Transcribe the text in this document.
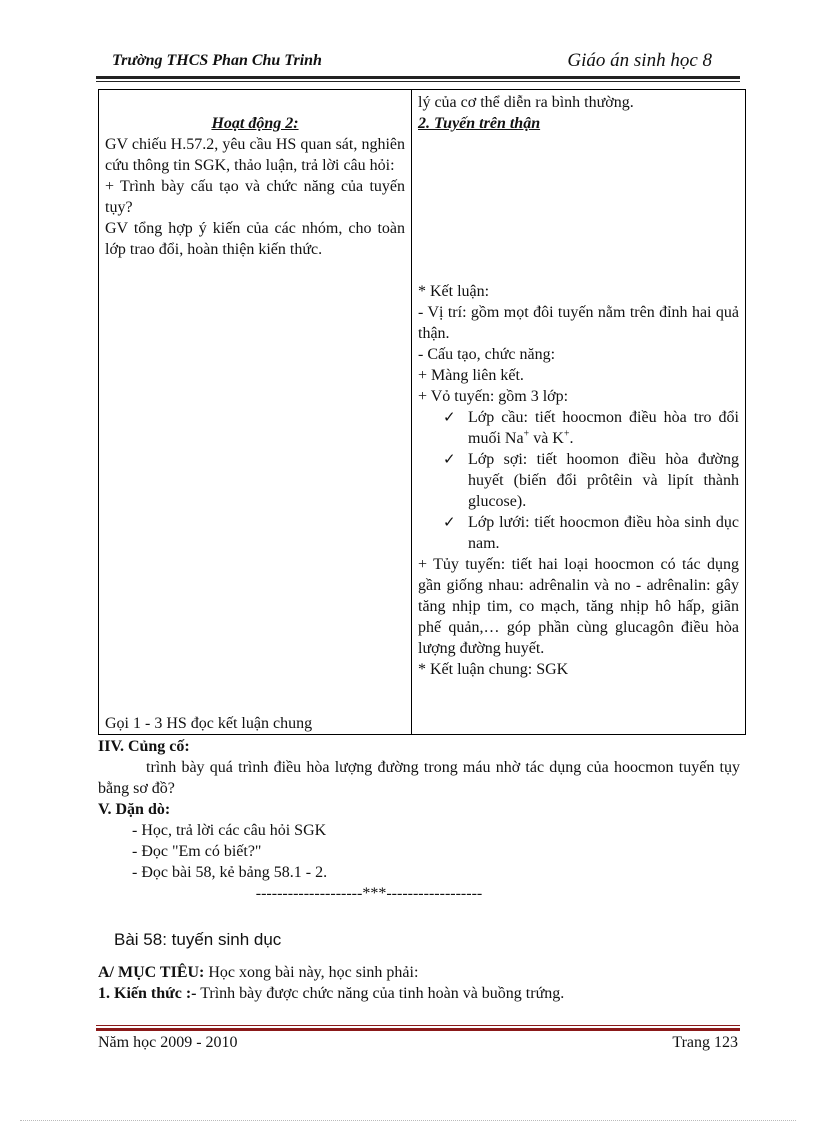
Trường THCS Phan Chu Trinh	Giáo án sinh học 8
Hoạt động 2:
GV chiếu H.57.2, yêu cầu HS quan sát, nghiên cứu thông tin SGK, thảo luận, trả lời câu hỏi:
+ Trình bày cấu tạo và chức năng của tuyến tụy?
GV tổng hợp ý kiến của các nhóm, cho toàn lớp trao đổi, hoàn thiện kiến thức.
Gọi 1 - 3 HS đọc kết luận chung

lý của cơ thể diễn ra bình thường.
2. Tuyến trên thận
* Kết luận:
- Vị trí: gồm mọt đôi tuyến nằm trên đỉnh hai quả thận.
- Cấu tạo, chức năng:
+ Màng liên kết.
+ Vỏ tuyến: gồm 3 lớp:
✓ Lớp cầu: tiết hoocmon điều hòa tro đổi muối Na+ và K+.
✓ Lớp sợi: tiết hoomon điều hòa đường huyết (biến đổi prôtêin và lipít thành glucose).
✓ Lớp lưới: tiết hoocmon điều hòa sinh dục nam.
+ Tủy tuyến: tiết hai loại hoocmon có tác dụng gần giống nhau: adrênalin và no - adrênalin: gây tăng nhịp tim, co mạch, tăng nhịp hô hấp, giãn phế quản,… góp phần cùng glucagôn điều hòa lượng đường huyết.
* Kết luận chung: SGK
IIV. Củng cố:
trình bày quá trình điều hòa lượng đường trong máu nhờ tác dụng của hoocmon tuyến tụy bằng sơ đồ?
V. Dặn dò:
- Học, trả lời các câu hỏi SGK
- Đọc "Em có biết?"
- Đọc bài 58, kẻ bảng 58.1 - 2.
--------------------***------------------
Bài 58: tuyến sinh dục
A/ MỤC TIÊU: Học xong bài này, học sinh phải:
1. Kiến thức :- Trình bày được chức năng của tinh hoàn và buồng trứng.
Năm học 2009 - 2010	Trang 123
